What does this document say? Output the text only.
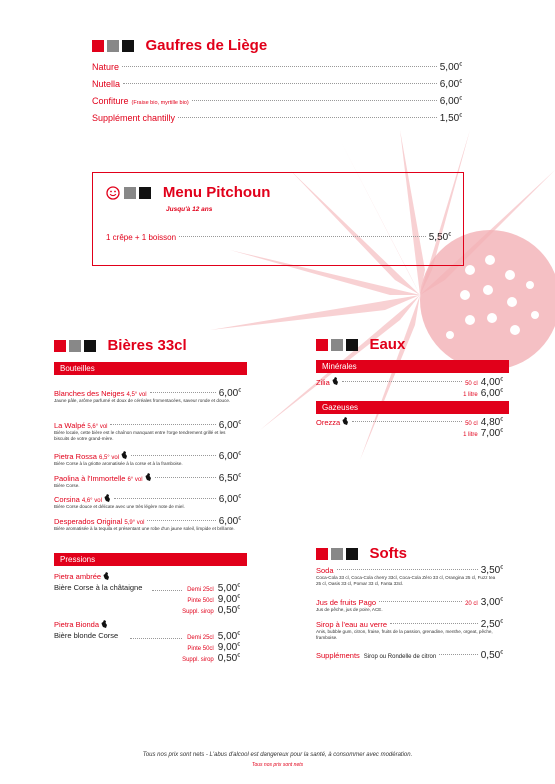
Gaufres de Liège
Nature	5,00€
Nutella	6,00€
Confiture (Fraise bio, myrtille bio)	6,00€
Supplément chantilly	1,50€
Menu Pitchoun
Jusqu'à 12 ans
1 crêpe + 1 boisson	5,50€
Bières 33cl
Bouteilles
Blanches des Neiges 4,5° vol	6,00€
Jaune pâle, arôme parfumé et doux de céréales fromentacées, saveur ronde et douce.
La Walpé 5,6° vol	6,00€
Bière locale, cette bière est le chaînon manquant entre l'orge tendrement grillé et les biscuits de votre grand-mère.
Pietra Rossa 6,5° vol	6,00€
Bière Corse à la griotte aromatisée à la corse et à la framboise.
Paolina à l'Immortelle 6° vol	6,50€
Bière Corse.
Corsina 4,6° vol	6,00€
Bière Corse douce et délicate avec une très légère note de miel.
Desperados Original 5,9° vol	6,00€
Bière aromatisée à la tequila et présentant une robe d'un jaune soleil, limpide et brillante.
Pressions
Pietra ambrée
Bière Corse à la châtaigne	Demi 25cl 5,00€
Pinte 50cl 9,00€
Suppl. sirop 0,50€
Pietra Bionda
Bière blonde Corse	Demi 25cl 5,00€
Pinte 50cl 9,00€
Suppl. sirop 0,50€
Eaux
Minérales
Gazeuses
Zilia	50 cl 4,00€
1 litre 6,00€
Orezza	50 cl 4,80€
1 litre 7,00€
Softs
Soda	3,50€
Coca-Cola 33 cl, Coca-Cola cherry 33cl, Coca-Cola Zéro 33 cl, Orangina 25 cl, Fuzz tea 25 cl, Oasis 33 cl, Pomar 33 cl, Fanta 33cl.
Jus de fruits Pago	20 cl 3,00€
Jus de pêche, jus de poire, ACE.
Sirop à l'eau au verre	2,50€
Anis, bubble gum, citron, fraise, fruits de la passion, grenadine, menthe, orgeat, pêche, framboise.
Suppléments Sirop ou Rondelle de citron	0,50€
Tous nos prix sont nets - L'abus d'alcool est dangereux pour la santé, à consommer avec modération.
Tous nos prix sont nets
